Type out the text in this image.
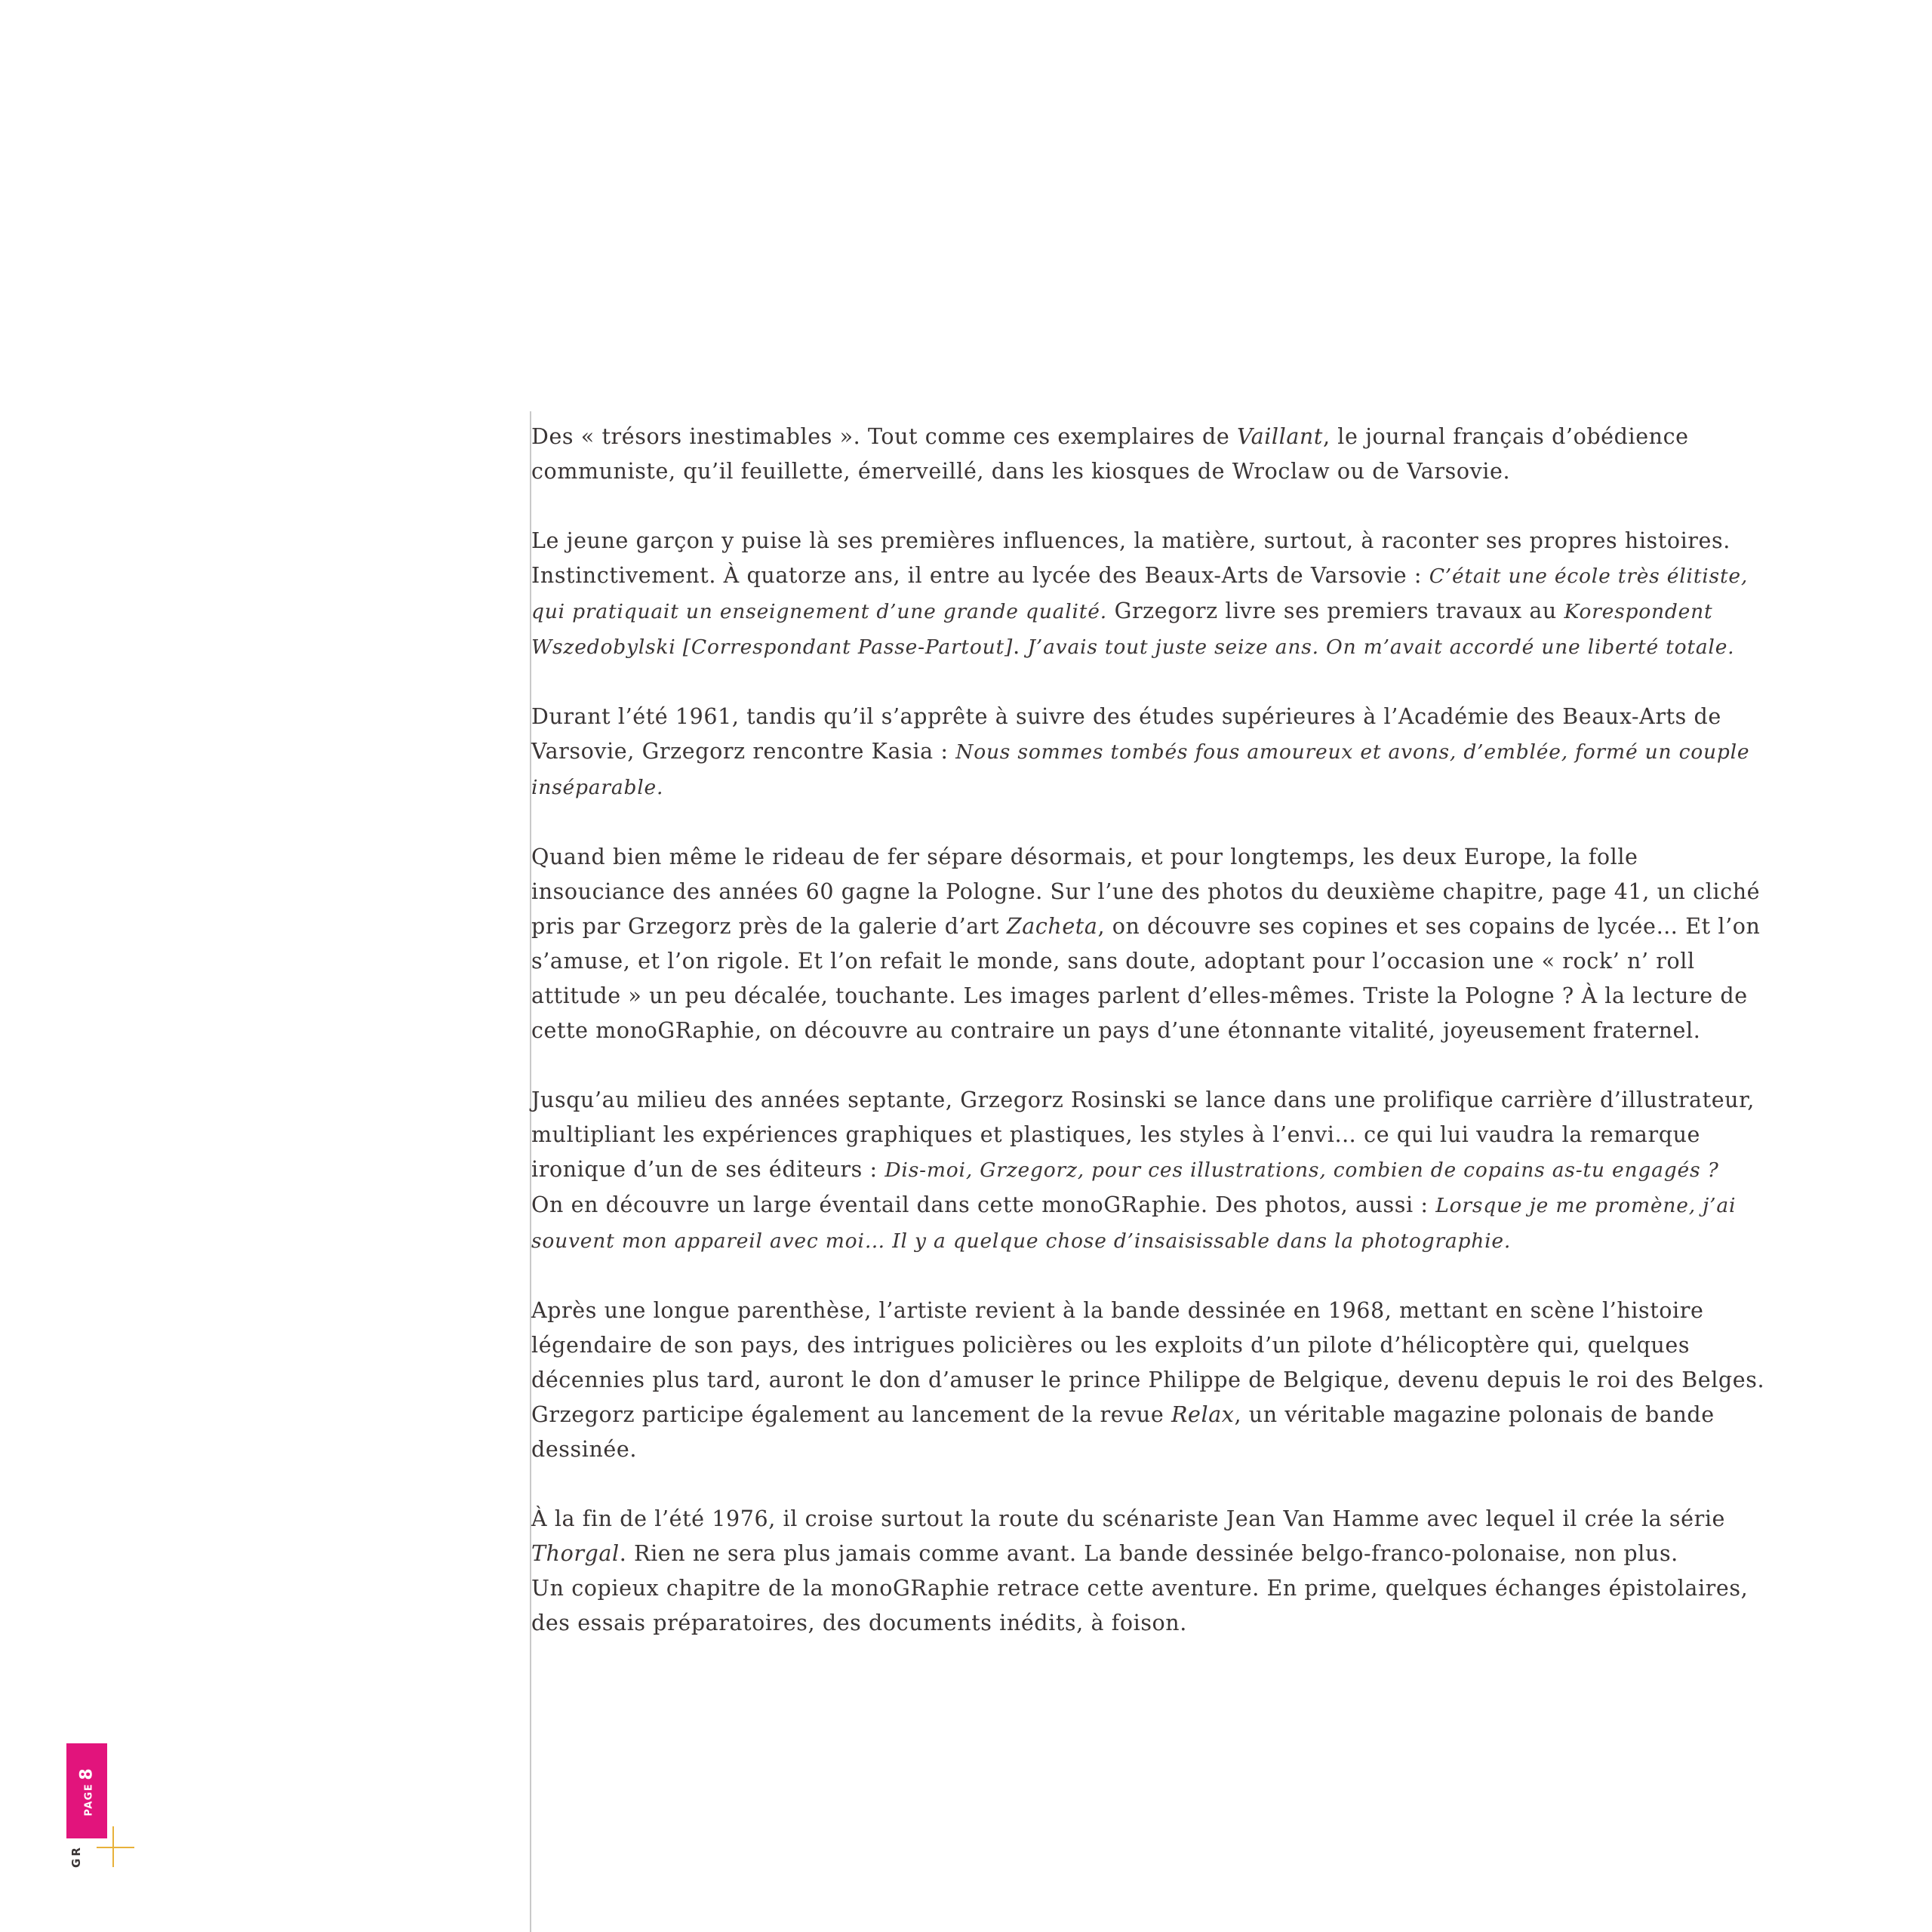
Des « trésors inestimables ». Tout comme ces exemplaires de Vaillant, le journal français d’obédience communiste, qu’il feuillette, émerveillé, dans les kiosques de Wroclaw ou de Varsovie.

Le jeune garçon y puise là ses premières influences, la matière, surtout, à raconter ses propres histoires. Instinctivement. À quatorze ans, il entre au lycée des Beaux-Arts de Varsovie : C’était une école très élitiste, qui pratiquait un enseignement d’une grande qualité. Grzegorz livre ses premiers travaux au Korespondent Wszedobylski [Correspondant Passe-Partout]. J’avais tout juste seize ans. On m’avait accordé une liberté totale.

Durant l’été 1961, tandis qu’il s’apprête à suivre des études supérieures à l’Académie des Beaux-Arts de Varsovie, Grzegorz rencontre Kasia : Nous sommes tombés fous amoureux et avons, d’emblée, formé un couple inséparable.

Quand bien même le rideau de fer sépare désormais, et pour longtemps, les deux Europe, la folle insouciance des années 60 gagne la Pologne. Sur l’une des photos du deuxième chapitre, page 41, un cliché pris par Grzegorz près de la galerie d’art Zacheta, on découvre ses copines et ses copains de lycée… Et l’on s’amuse, et l’on rigole. Et l’on refait le monde, sans doute, adoptant pour l’occasion une « rock’ n’ roll attitude » un peu décalée, touchante. Les images parlent d’elles-mêmes. Triste la Pologne ? À la lecture de cette monoGRaphie, on découvre au contraire un pays d’une étonnante vitalité, joyeusement fraternel.

Jusqu’au milieu des années septante, Grzegorz Rosinski se lance dans une prolifique carrière d’illustrateur, multipliant les expériences graphiques et plastiques, les styles à l’envi… ce qui lui vaudra la remarque ironique d’un de ses éditeurs : Dis-moi, Grzegorz, pour ces illustrations, combien de copains as-tu engagés ?
On en découvre un large éventail dans cette monoGRaphie. Des photos, aussi : Lorsque je me promène, j’ai souvent mon appareil avec moi… Il y a quelque chose d’insaisissable dans la photographie.

Après une longue parenthèse, l’artiste revient à la bande dessinée en 1968, mettant en scène l’histoire légendaire de son pays, des intrigues policières ou les exploits d’un pilote d’hélicoptère qui, quelques décennies plus tard, auront le don d’amuser le prince Philippe de Belgique, devenu depuis le roi des Belges. Grzegorz participe également au lancement de la revue Relax, un véritable magazine polonais de bande dessinée.

À la fin de l’été 1976, il croise surtout la route du scénariste Jean Van Hamme avec lequel il crée la série Thorgal. Rien ne sera plus jamais comme avant. La bande dessinée belgo-franco-polonaise, non plus.
Un copieux chapitre de la monoGRaphie retrace cette aventure. En prime, quelques échanges épistolaires, des essais préparatoires, des documents inédits, à foison.

PAGE8
GR
